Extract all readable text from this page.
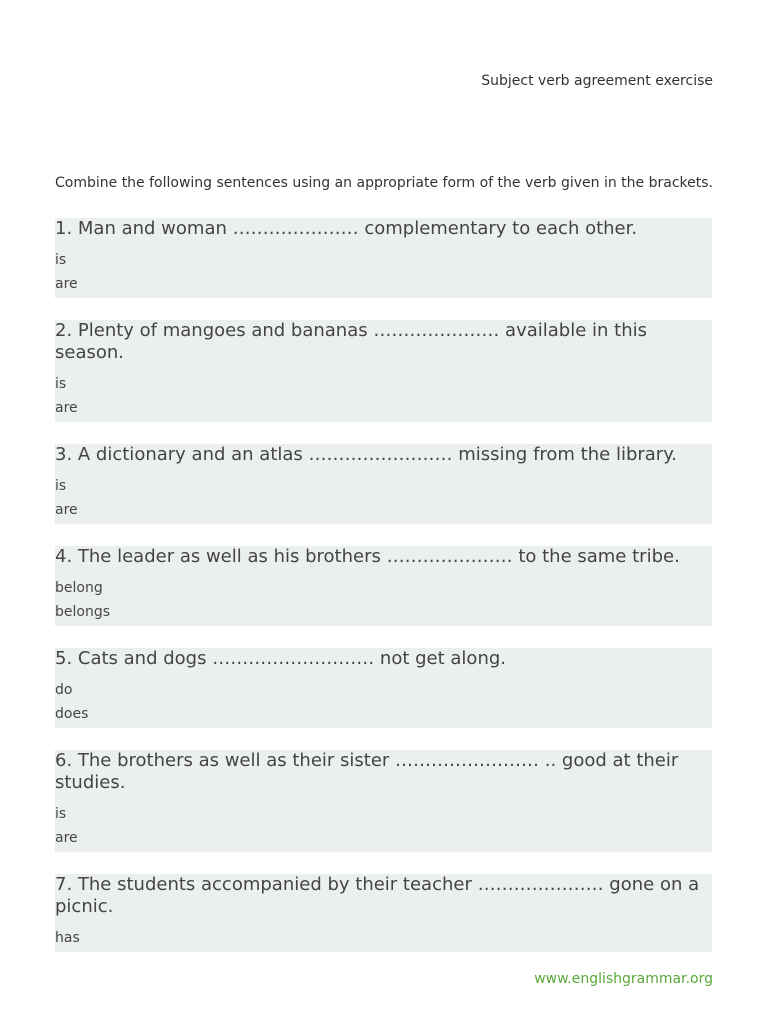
Subject verb agreement exercise
Combine the following sentences using an appropriate form of the verb given in the brackets.
1. Man and woman ………………… complementary to each other.
is
are
2. Plenty of mangoes and bananas ………………… available in this season.
is
are
3. A dictionary and an atlas …………………… missing from the library.
is
are
4. The leader as well as his brothers ………………… to the same tribe.
belong
belongs
5. Cats and dogs ……………………… not get along.
do
does
6. The brothers as well as their sister …………………… .. good at their studies.
is
are
7. The students accompanied by their teacher ………………… gone on a picnic.
has
www.englishgrammar.org
